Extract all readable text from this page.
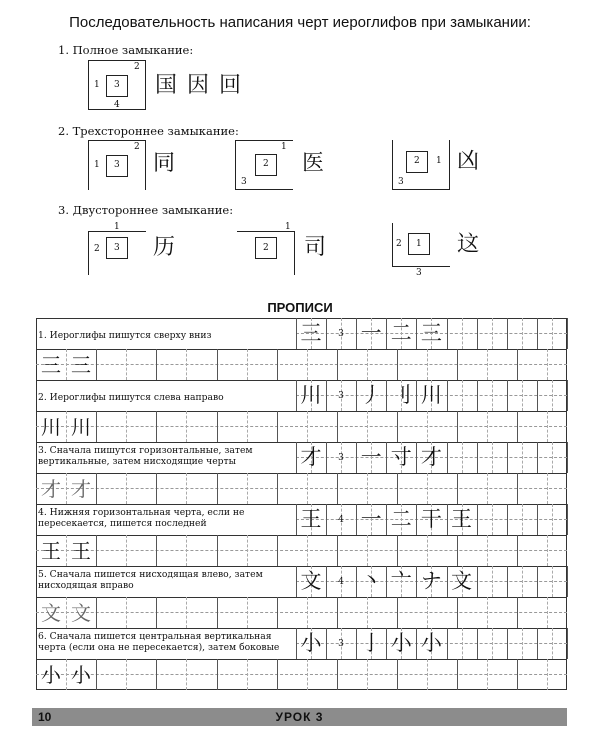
Последовательность написания черт иероглифов при замыкании:
1. Полное замыкание:
1
2
3
4
国 因 回
2. Трехстороннее замыкание:
1
2
3 同
1
2
3
医	1
2
3
凶
3. Двустороннее замыкание:
1
2 3 历
1
2 司	2 1
3
这
ПРОПИСИ
1. Иероглифы пишутся сверху вниз	三 3 一 二 三
三 三
2. Иероглифы пишутся слева направо	川 3 丿 刂 川
川 川
3. Сначала пишутся горизонтальные, затем вертикальные, затем нисходящие черты	才 3 一 寸 才
才 才
4. Нижняя горизонтальная черта, если не пересекается, пишется последней	王 4 一 二 干 王
王 王
5. Сначала пишется нисходящая влево, затем нисходящая вправо	文 4 丶 亠 ナ 文
文 文
6. Сначала пишется центральная вертикальная черта (если она не пересекается), затем боковые	小 3 亅 小 小
小 小
10	УРОК 3
